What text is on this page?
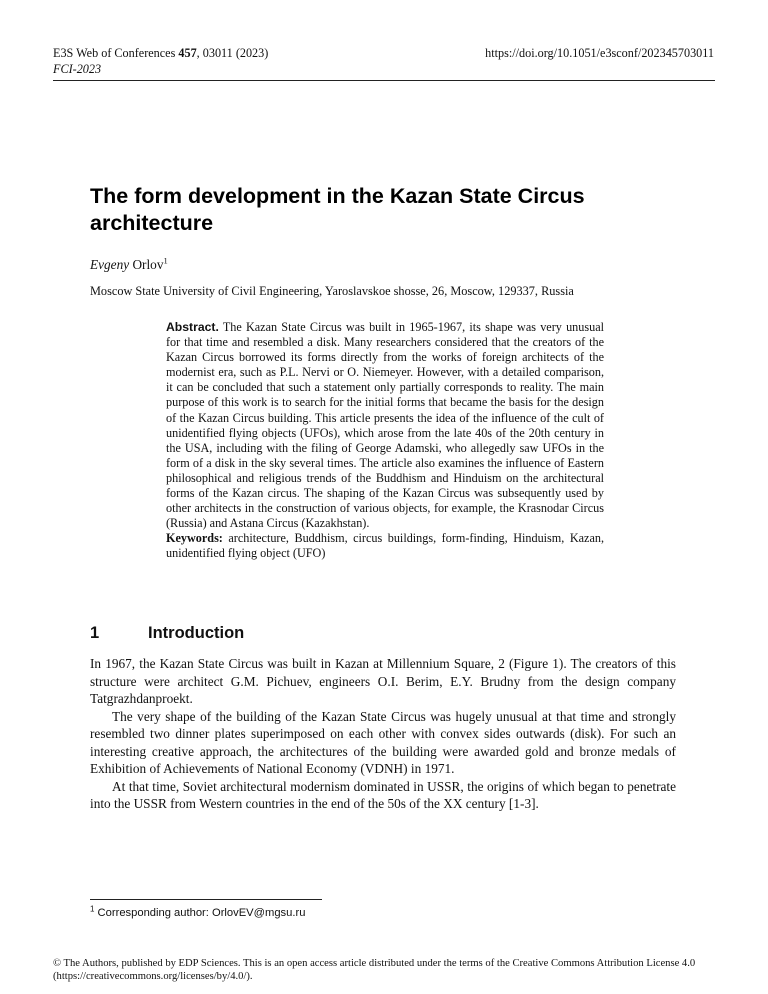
E3S Web of Conferences 457, 03011 (2023)
FCI-2023
https://doi.org/10.1051/e3sconf/202345703011
The form development in the Kazan State Circus architecture
Evgeny Orlov$^1$
Moscow State University of Civil Engineering, Yaroslavskoe shosse, 26, Moscow, 129337, Russia
Abstract. The Kazan State Circus was built in 1965-1967, its shape was very unusual for that time and resembled a disk. Many researchers considered that the creators of the Kazan Circus borrowed its forms directly from the works of foreign architects of the modernist era, such as P.L. Nervi or O. Niemeyer. However, with a detailed comparison, it can be concluded that such a statement only partially corresponds to reality. The main purpose of this work is to search for the initial forms that became the basis for the design of the Kazan Circus building. This article presents the idea of the influence of the cult of unidentified flying objects (UFOs), which arose from the late 40s of the 20th century in the USA, including with the filing of George Adamski, who allegedly saw UFOs in the form of a disk in the sky several times. The article also examines the influence of Eastern philosophical and religious trends of the Buddhism and Hinduism on the architectural forms of the Kazan circus. The shaping of the Kazan Circus was subsequently used by other architects in the construction of various objects, for example, the Krasnodar Circus (Russia) and Astana Circus (Kazakhstan).
Keywords: architecture, Buddhism, circus buildings, form-finding, Hinduism, Kazan, unidentified flying object (UFO)
1	Introduction

In 1967, the Kazan State Circus was built in Kazan at Millennium Square, 2 (Figure 1). The creators of this structure were architect G.M. Pichuev, engineers O.I. Berim, E.Y. Brudny from the design company Tatgrazhdanproekt.

The very shape of the building of the Kazan State Circus was hugely unusual at that time and strongly resembled two dinner plates superimposed on each other with convex sides outwards (disk). For such an interesting creative approach, the architectures of the building were awarded gold and bronze medals of Exhibition of Achievements of National Economy (VDNH) in 1971.

At that time, Soviet architectural modernism dominated in USSR, the origins of which began to penetrate into the USSR from Western countries in the end of the 50s of the XX century [1-3].

$^1$ Corresponding author: OrlovEV@mgsu.ru
© The Authors, published by EDP Sciences. This is an open access article distributed under the terms of the Creative Commons Attribution License 4.0 (https://creativecommons.org/licenses/by/4.0/).
